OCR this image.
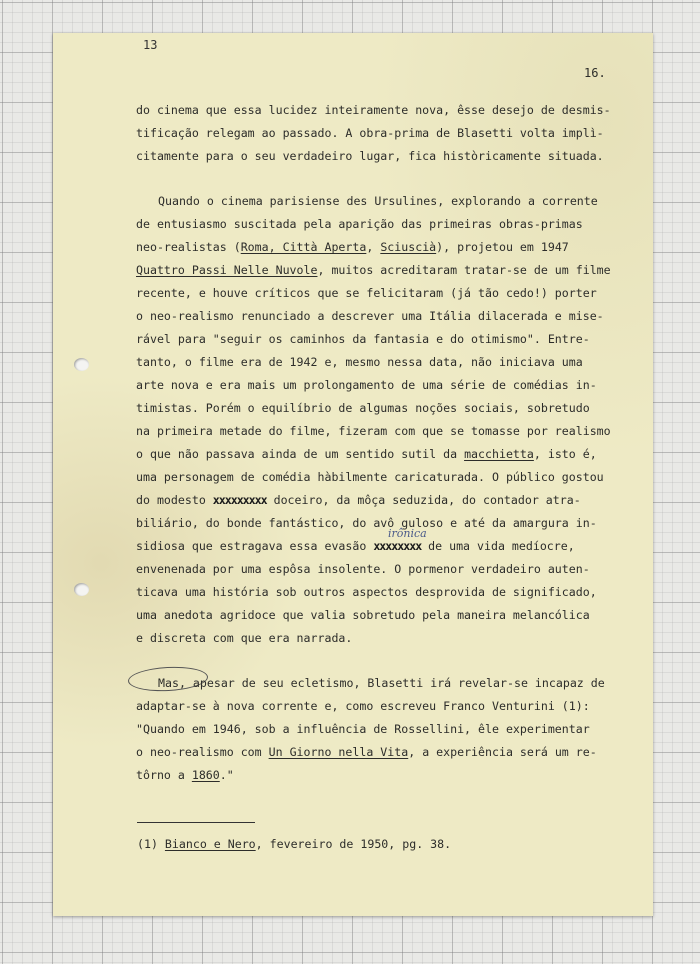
13
16.
irônica
do cinema que essa lucidez inteiramente nova, êsse desejo de desmis-
tificação relegam ao passado. A obra-prima de Blasetti volta implì-
citamente para o seu verdadeiro lugar, fica històricamente situada.
Quando o cinema parisiense des Ursulines, explorando a corrente
de entusiasmo suscitada pela aparição das primeiras obras-primas
neo-realistas (Roma, Città Aperta, Sciuscià), projetou em 1947
Quattro Passi Nelle Nuvole, muitos acreditaram tratar-se de um filme
recente, e houve críticos que se felicitaram (já tão cedo!) porter
o neo-realismo renunciado a descrever uma Itália dilacerada e mise-
rável para "seguir os caminhos da fantasia e do otimismo". Entre-
tanto, o filme era de 1942 e, mesmo nessa data, não iniciava uma
arte nova e era mais um prolongamento de uma série de comédias in-
timistas. Porém o equilíbrio de algumas noções sociais, sobretudo
na primeira metade do filme, fizeram com que se tomasse por realismo
o que não passava ainda de um sentido sutil da macchietta, isto é,
uma personagem de comédia hàbilmente caricaturada. O público gostou
do modesto xxxxxxxxx doceiro, da môça seduzida, do contador atra-
biliário, do bonde fantástico, do avô guloso e até da amargura in-
sidiosa que estragava essa evasão xxxxxxxx de uma vida medíocre,
envenenada por uma espôsa insolente. O pormenor verdadeiro auten-
ticava uma história sob outros aspectos desprovida de significado,
uma anedota agridoce que valia sobretudo pela maneira melancólica
e discreta com que era narrada.
Mas, apesar de seu ecletismo, Blasetti irá revelar-se incapaz de
adaptar-se à nova corrente e, como escreveu Franco Venturini (1):
"Quando em 1946, sob a influência de Rossellini, êle experimentar
o neo-realismo com Un Giorno nella Vita, a experiência será um re-
tôrno a 1860."
(1) Bianco e Nero, fevereiro de 1950, pg. 38.
